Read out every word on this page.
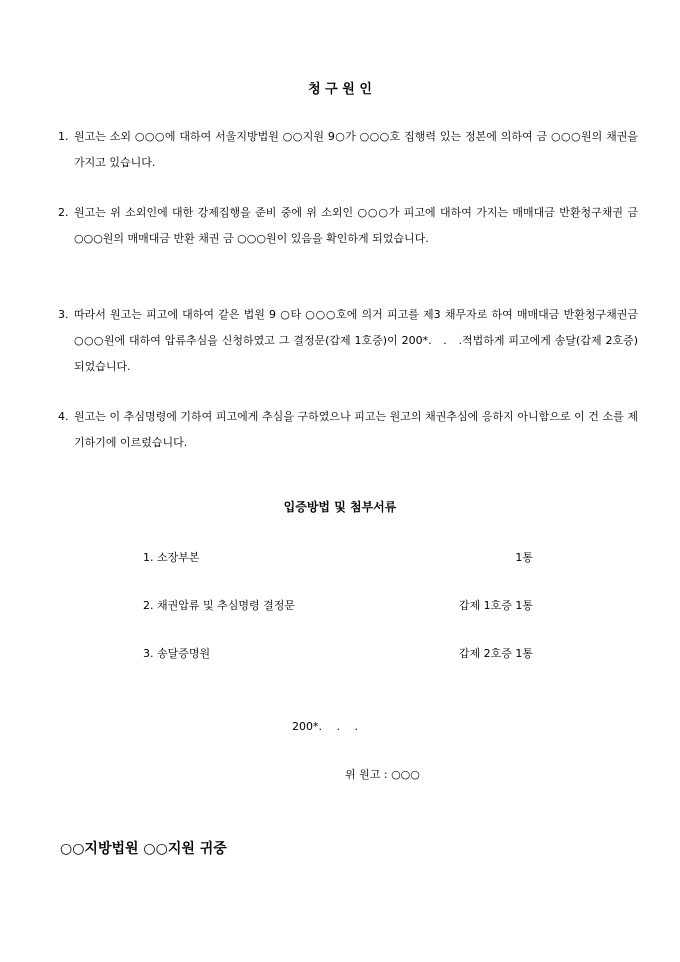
청 구 원 인
1. 원고는 소외 ○○○에 대하여 서울지방법원 ○○지원 9○가 ○○○호 집행력 있는 정본에 의하여 금 ○○○원의 채권을 가지고 있습니다.
2. 원고는 위 소외인에 대한 강제집행을 준비 중에 위 소외인 ○○○가 피고에 대하여 가지는 매매대금 반환청구채권 금 ○○○원의 매매대금 반환 채권 금 ○○○원이 있음을 확인하게 되었습니다.
3. 따라서 원고는 피고에 대하여 같은 법원 9 ○타 ○○○호에 의거 피고를 제3 채무자로 하여 매매대금 반환청구채권금 ○○○원에 대하여 압류추심을 신청하였고 그 결정문(갑제 1호증)이 200*.　.　.적법하게 피고에게 송달(갑제 2호증)되었습니다.
4. 원고는 이 추심명령에 기하여 피고에게 추심을 구하였으나 피고는 원고의 채권추심에 응하지 아니함으로 이 건 소를 제기하기에 이르렀습니다.
입증방법 및 첨부서류
1. 소장부본	1통
2. 채권압류 및 추심명령 결정문	갑제 1호증 1통
3. 송달증명원	갑제 2호증 1통
200*.　 .　 .
위 원고 : ○○○
○○지방법원 ○○지원 귀중
